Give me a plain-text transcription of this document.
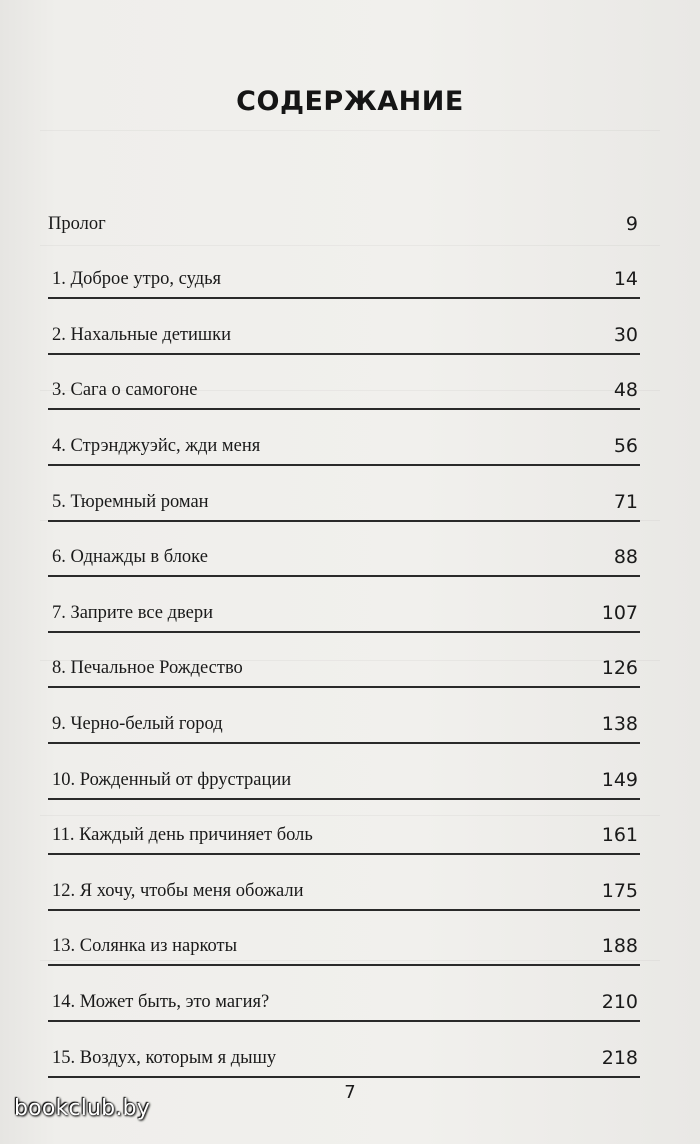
СОДЕРЖАНИЕ
Пролог	9
1. Доброе утро, судья	14
2. Нахальные детишки	30
3. Сага о самогоне	48
4. Стрэнджуэйс, жди меня	56
5. Тюремный роман	71
6. Однажды в блоке	88
7. Заприте все двери	107
8. Печальное Рождество	126
9. Черно-белый город	138
10. Рожденный от фрустрации	149
11. Каждый день причиняет боль	161
12. Я хочу, чтобы меня обожали	175
13. Солянка из наркоты	188
14. Может быть, это магия?	210
15. Воздух, которым я дышу	218
7
bookclub.by
